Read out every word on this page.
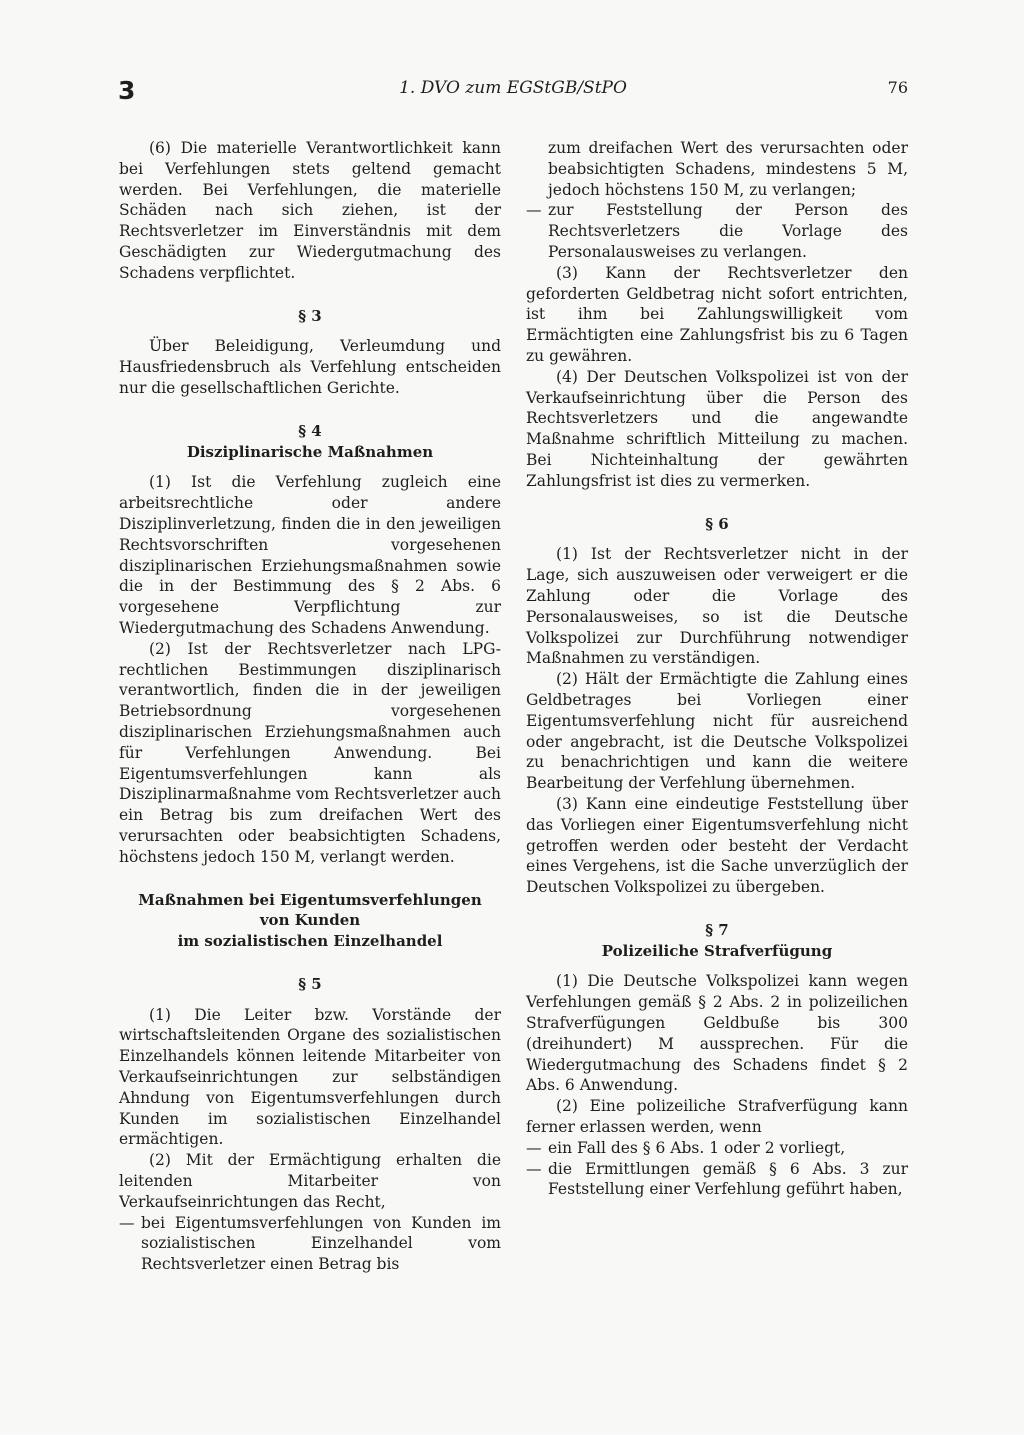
3	1. DVO zum EGStGB/StPO	76

(6) Die materielle Verantwortlichkeit kann bei Verfehlungen stets geltend gemacht werden. Bei Verfehlungen, die materielle Schäden nach sich ziehen, ist der Rechtsverletzer im Einverständnis mit dem Geschädigten zur Wiedergutmachung des Schadens verpflichtet.

§ 3

Über Beleidigung, Verleumdung und Hausfriedensbruch als Verfehlung entscheiden nur die gesellschaftlichen Gerichte.

§ 4

Disziplinarische Maßnahmen

(1) Ist die Verfehlung zugleich eine arbeitsrechtliche oder andere Disziplinverletzung, finden die in den jeweiligen Rechtsvorschriften vorgesehenen disziplinarischen Erziehungsmaßnahmen sowie die in der Bestimmung des § 2 Abs. 6 vorgesehene Verpflichtung zur Wiedergutmachung des Schadens Anwendung.

(2) Ist der Rechtsverletzer nach LPG-rechtlichen Bestimmungen disziplinarisch verantwortlich, finden die in der jeweiligen Betriebsordnung vorgesehenen disziplinarischen Erziehungsmaßnahmen auch für Verfehlungen Anwendung. Bei Eigentumsverfehlungen kann als Disziplinarmaßnahme vom Rechtsverletzer auch ein Betrag bis zum dreifachen Wert des verursachten oder beabsichtigten Schadens, höchstens jedoch 150 M, verlangt werden.

Maßnahmen bei Eigentumsverfehlungen

von Kunden

im sozialistischen Einzelhandel

§ 5

(1) Die Leiter bzw. Vorstände der wirtschaftsleitenden Organe des sozialistischen Einzelhandels können leitende Mitarbeiter von Verkaufseinrichtungen zur selbständigen Ahndung von Eigentumsverfehlungen durch Kunden im sozialistischen Einzelhandel ermächtigen.

(2) Mit der Ermächtigung erhalten die leitenden Mitarbeiter von Verkaufseinrichtungen das Recht,

— bei Eigentumsverfehlungen von Kunden im sozialistischen Einzelhandel vom Rechtsverletzer einen Betrag bis
zum dreifachen Wert des verursachten oder beabsichtigten Schadens, mindestens 5 M, jedoch höchstens 150 M, zu verlangen;
— zur Feststellung der Person des Rechtsverletzers die Vorlage des Personalausweises zu verlangen.

(3) Kann der Rechtsverletzer den geforderten Geldbetrag nicht sofort entrichten, ist ihm bei Zahlungswilligkeit vom Ermächtigten eine Zahlungsfrist bis zu 6 Tagen zu gewähren.

(4) Der Deutschen Volkspolizei ist von der Verkaufseinrichtung über die Person des Rechtsverletzers und die angewandte Maßnahme schriftlich Mitteilung zu machen. Bei Nichteinhaltung der gewährten Zahlungsfrist ist dies zu vermerken.

§ 6

(1) Ist der Rechtsverletzer nicht in der Lage, sich auszuweisen oder verweigert er die Zahlung oder die Vorlage des Personalausweises, so ist die Deutsche Volkspolizei zur Durchführung notwendiger Maßnahmen zu verständigen.

(2) Hält der Ermächtigte die Zahlung eines Geldbetrages bei Vorliegen einer Eigentumsverfehlung nicht für ausreichend oder angebracht, ist die Deutsche Volkspolizei zu benachrichtigen und kann die weitere Bearbeitung der Verfehlung übernehmen.

(3) Kann eine eindeutige Feststellung über das Vorliegen einer Eigentumsverfehlung nicht getroffen werden oder besteht der Verdacht eines Vergehens, ist die Sache unverzüglich der Deutschen Volkspolizei zu übergeben.

§ 7

Polizeiliche Strafverfügung

(1) Die Deutsche Volkspolizei kann wegen Verfehlungen gemäß § 2 Abs. 2 in polizeilichen Strafverfügungen Geldbuße bis 300 (dreihundert) M aussprechen. Für die Wiedergutmachung des Schadens findet § 2 Abs. 6 Anwendung.

(2) Eine polizeiliche Strafverfügung kann ferner erlassen werden, wenn

— ein Fall des § 6 Abs. 1 oder 2 vorliegt,
— die Ermittlungen gemäß § 6 Abs. 3 zur Feststellung einer Verfehlung geführt haben,
